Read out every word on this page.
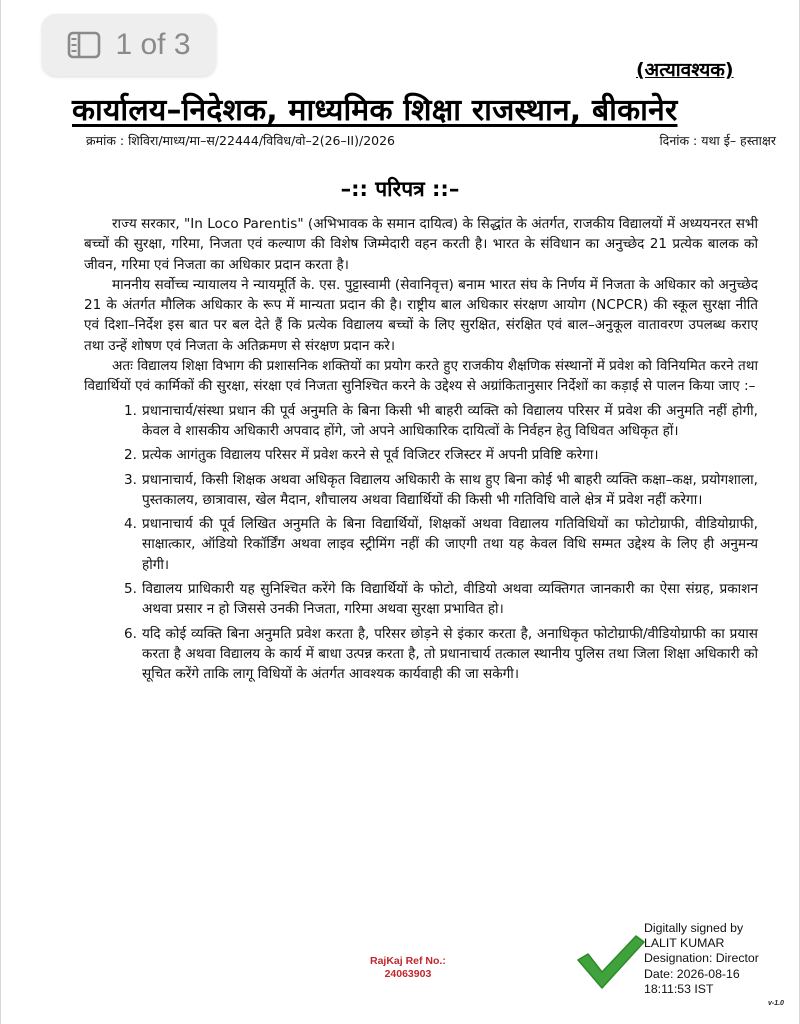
1 of 3
(अत्यावश्यक)
कार्यालय–निदेशक, माध्यमिक शिक्षा राजस्थान, बीकानेर
क्रमांक : शिविरा/माध्य/मा–स/22444/विविध/वो–2(26–II)/2026	दिनांक : यथा ई– हस्ताक्षर
–:: परिपत्र ::–

राज्य सरकार, "In Loco Parentis" (अभिभावक के समान दायित्व) के सिद्धांत के अंतर्गत, राजकीय विद्यालयों में अध्ययनरत सभी बच्चों की सुरक्षा, गरिमा, निजता एवं कल्याण की विशेष जिम्मेदारी वहन करती है। भारत के संविधान का अनुच्छेद 21 प्रत्येक बालक को जीवन, गरिमा एवं निजता का अधिकार प्रदान करता है।

माननीय सर्वोच्च न्यायालय ने न्यायमूर्ति के. एस. पुट्टास्वामी (सेवानिवृत्त) बनाम भारत संघ के निर्णय में निजता के अधिकार को अनुच्छेद 21 के अंतर्गत मौलिक अधिकार के रूप में मान्यता प्रदान की है। राष्ट्रीय बाल अधिकार संरक्षण आयोग (NCPCR) की स्कूल सुरक्षा नीति एवं दिशा–निर्देश इस बात पर बल देते हैं कि प्रत्येक विद्यालय बच्चों के लिए सुरक्षित, संरक्षित एवं बाल–अनुकूल वातावरण उपलब्ध कराए तथा उन्हें शोषण एवं निजता के अतिक्रमण से संरक्षण प्रदान करे।

अतः विद्यालय शिक्षा विभाग की प्रशासनिक शक्तियों का प्रयोग करते हुए राजकीय शैक्षणिक संस्थानों में प्रवेश को विनियमित करने तथा विद्यार्थियों एवं कार्मिकों की सुरक्षा, संरक्षा एवं निजता सुनिश्चित करने के उद्देश्य से अग्रांकितानुसार निर्देशों का कड़ाई से पालन किया जाए :–

1. प्रधानाचार्य/संस्था प्रधान की पूर्व अनुमति के बिना किसी भी बाहरी व्यक्ति को विद्यालय परिसर में प्रवेश की अनुमति नहीं होगी, केवल वे शासकीय अधिकारी अपवाद होंगे, जो अपने आधिकारिक दायित्वों के निर्वहन हेतु विधिवत अधिकृत हों।
2. प्रत्येक आगंतुक विद्यालय परिसर में प्रवेश करने से पूर्व विजिटर रजिस्टर में अपनी प्रविष्टि करेगा।
3. प्रधानाचार्य, किसी शिक्षक अथवा अधिकृत विद्यालय अधिकारी के साथ हुए बिना कोई भी बाहरी व्यक्ति कक्षा–कक्ष, प्रयोगशाला, पुस्तकालय, छात्रावास, खेल मैदान, शौचालय अथवा विद्यार्थियों की किसी भी गतिविधि वाले क्षेत्र में प्रवेश नहीं करेगा।
4. प्रधानाचार्य की पूर्व लिखित अनुमति के बिना विद्यार्थियों, शिक्षकों अथवा विद्यालय गतिविधियों का फोटोग्राफी, वीडियोग्राफी, साक्षात्कार, ऑडियो रिकॉर्डिंग अथवा लाइव स्ट्रीमिंग नहीं की जाएगी तथा यह केवल विधि सम्मत उद्देश्य के लिए ही अनुमन्य होगी।
5. विद्यालय प्राधिकारी यह सुनिश्चित करेंगे कि विद्यार्थियों के फोटो, वीडियो अथवा व्यक्तिगत जानकारी का ऐसा संग्रह, प्रकाशन अथवा प्रसार न हो जिससे उनकी निजता, गरिमा अथवा सुरक्षा प्रभावित हो।
6. यदि कोई व्यक्ति बिना अनुमति प्रवेश करता है, परिसर छोड़ने से इंकार करता है, अनाधिकृत फोटोग्राफी/वीडियोग्राफी का प्रयास करता है अथवा विद्यालय के कार्य में बाधा उत्पन्न करता है, तो प्रधानाचार्य तत्काल स्थानीय पुलिस तथा जिला शिक्षा अधिकारी को सूचित करेंगे ताकि लागू विधियों के अंतर्गत आवश्यक कार्यवाही की जा सकेगी।
RajKaj Ref No.:
24063903
Digitally signed by
LALIT KUMAR
Designation: Director
Date: 2026-08-16
18:11:53 IST
v-1.0
